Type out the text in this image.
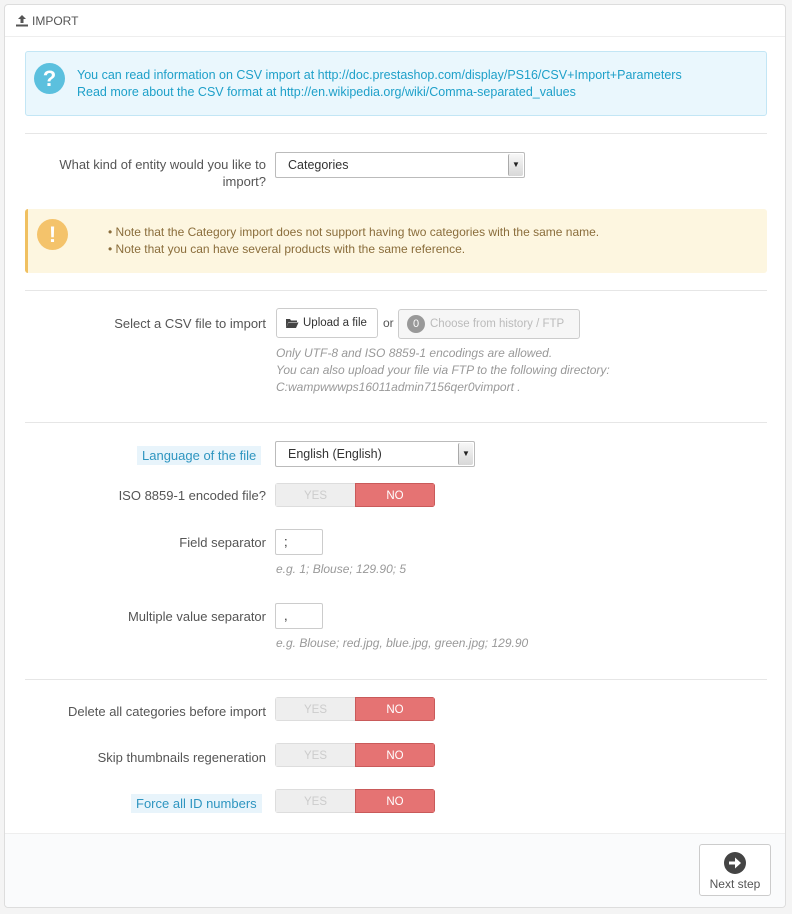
IMPORT
?	You can read information on CSV import at http://doc.prestashop.com/display/PS16/CSV+Import+Parameters
Read more about the CSV format at http://en.wikipedia.org/wiki/Comma-separated_values
What kind of entity would you like to import?
Categories	▼
!	• Note that the Category import does not support having two categories with the same name.
• Note that you can have several products with the same reference.
Select a CSV file to import	Upload a file or	0 Choose from history / FTP
Only UTF-8 and ISO 8859-1 encodings are allowed.
You can also upload your file via FTP to the following directory:
C:wampwwwps16011admin7156qer0vimport .
Language of the file	English (English)	▼
ISO 8859-1 encoded file?	YES	NO
Field separator	;
e.g. 1; Blouse; 129.90; 5
Multiple value separator	,
e.g. Blouse; red.jpg, blue.jpg, green.jpg; 129.90
Delete all categories before import	YES	NO
Skip thumbnails regeneration	YES	NO
Force all ID numbers	YES	NO
Next step
